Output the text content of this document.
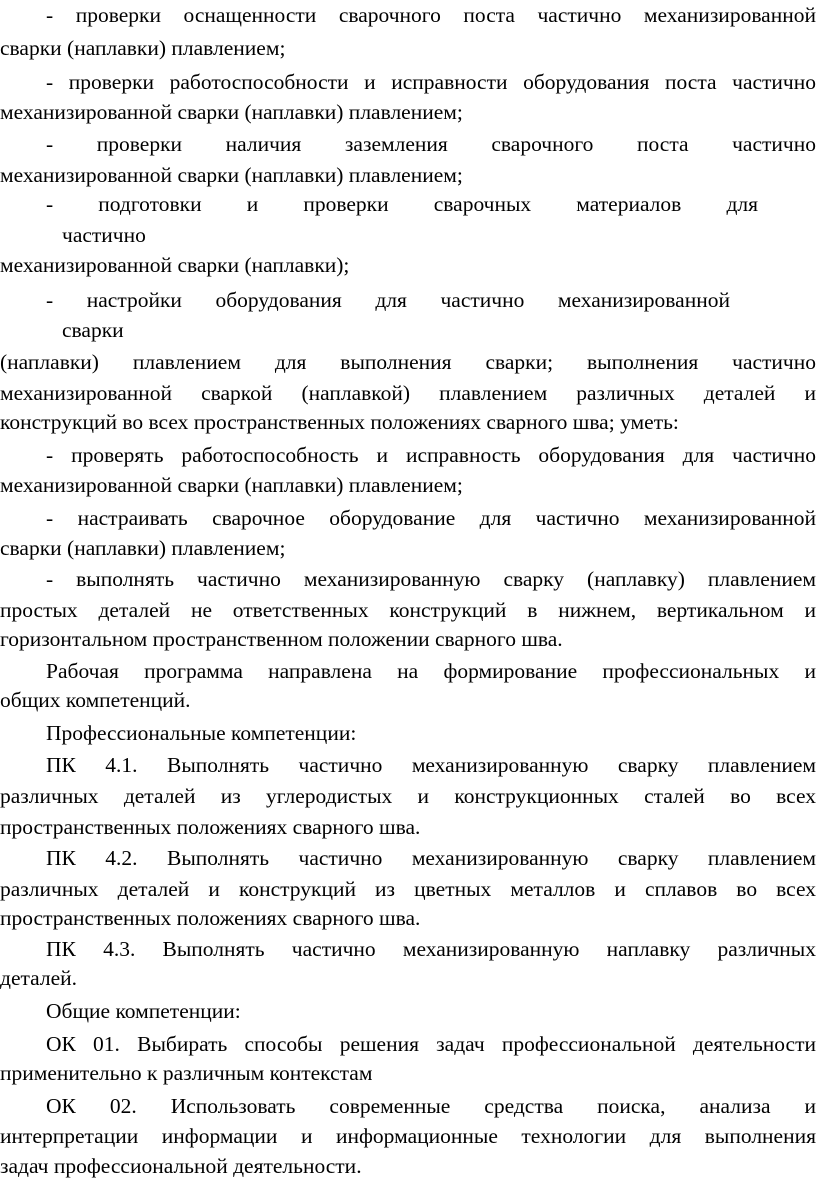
- проверки оснащенности сварочного поста частично механизированной
сварки (наплавки) плавлением;
- проверки работоспособности и исправности оборудования поста частично
механизированной сварки (наплавки) плавлением;
- проверки наличия заземления сварочного поста частично
механизированной сварки (наплавки) плавлением;
- подготовки и проверки сварочных материалов для
частично
механизированной сварки (наплавки);
- настройки оборудования для частично механизированной
сварки
(наплавки) плавлением для выполнения сварки; выполнения частично
механизированной сваркой (наплавкой) плавлением различных деталей и
конструкций во всех пространственных положениях сварного шва; уметь:
- проверять работоспособность и исправность оборудования для частично
механизированной сварки (наплавки) плавлением;
- настраивать сварочное оборудование для частично механизированной
сварки (наплавки) плавлением;
- выполнять частично механизированную сварку (наплавку) плавлением
простых деталей не ответственных конструкций в нижнем, вертикальном и
горизонтальном пространственном положении сварного шва.
Рабочая программа направлена на формирование профессиональных и
общих компетенций.
Профессиональные компетенции:
ПК 4.1. Выполнять частично механизированную сварку плавлением
различных деталей из углеродистых и конструкционных сталей во всех
пространственных положениях сварного шва.
ПК 4.2. Выполнять частично механизированную сварку плавлением
различных деталей и конструкций из цветных металлов и сплавов во всех
пространственных положениях сварного шва.
ПК 4.3. Выполнять частично механизированную наплавку различных
деталей.
Общие компетенции:
ОК 01. Выбирать способы решения задач профессиональной деятельности
применительно к различным контекстам
ОК 02. Использовать современные средства поиска, анализа и
интерпретации информации и информационные технологии для выполнения
задач профессиональной деятельности.
